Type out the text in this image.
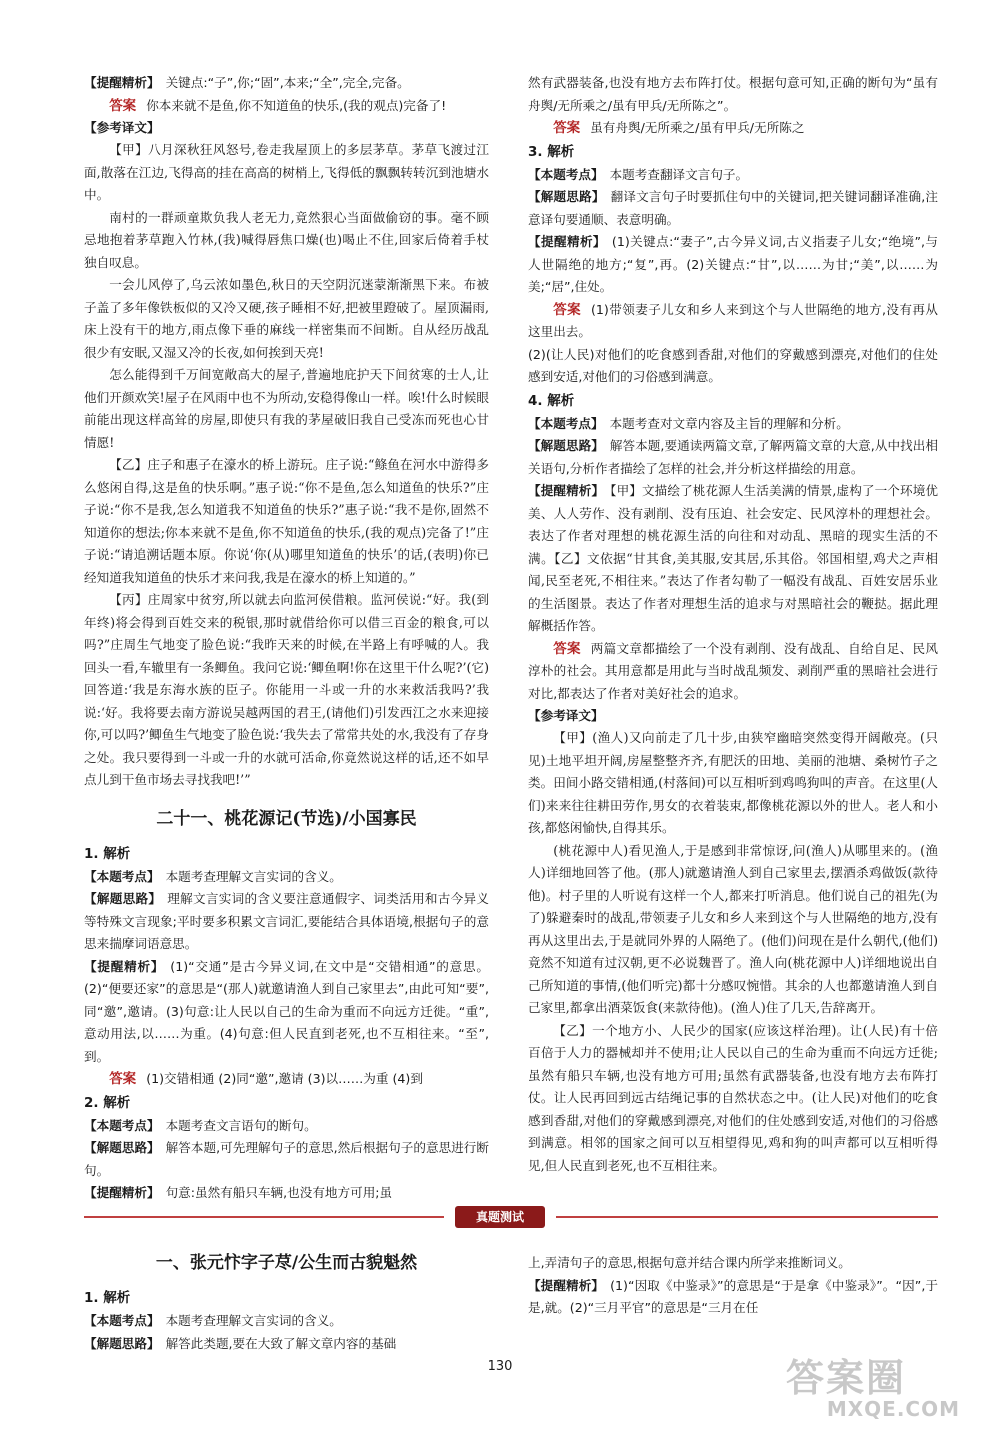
【提醒精析】 关键点:“子”,你;“固”,本来;“全”,完全,完备。

答案 你本来就不是鱼,你不知道鱼的快乐,(我的观点)完备了!

【参考译文】

【甲】八月深秋狂风怒号,卷走我屋顶上的多层茅草。茅草飞渡过江面,散落在江边,飞得高的挂在高高的树梢上,飞得低的飘飘转转沉到池塘水中。

南村的一群顽童欺负我人老无力,竟然狠心当面做偷窃的事。毫不顾忌地抱着茅草跑入竹林,(我)喊得唇焦口燥(也)喝止不住,回家后倚着手杖独自叹息。

一会儿风停了,乌云浓如墨色,秋日的天空阴沉迷蒙渐渐黑下来。布被子盖了多年像铁板似的又冷又硬,孩子睡相不好,把被里蹬破了。屋顶漏雨,床上没有干的地方,雨点像下垂的麻线一样密集而不间断。自从经历战乱很少有安眠,又湿又冷的长夜,如何挨到天亮!

怎么能得到千万间宽敞高大的屋子,普遍地庇护天下间贫寒的士人,让他们开颜欢笑!屋子在风雨中也不为所动,安稳得像山一样。唉!什么时候眼前能出现这样高耸的房屋,即使只有我的茅屋破旧我自己受冻而死也心甘情愿!

【乙】庄子和惠子在濠水的桥上游玩。庄子说:“鲦鱼在河水中游得多么悠闲自得,这是鱼的快乐啊。”惠子说:“你不是鱼,怎么知道鱼的快乐?”庄子说:“你不是我,怎么知道我不知道鱼的快乐?”惠子说:“我不是你,固然不知道你的想法;你本来就不是鱼,你不知道鱼的快乐,(我的观点)完备了!”庄子说:“请追溯话题本原。你说‘你(从)哪里知道鱼的快乐’的话,(表明)你已经知道我知道鱼的快乐才来问我,我是在濠水的桥上知道的。”

【丙】庄周家中贫穷,所以就去向监河侯借粮。监河侯说:“好。我(到年终)将会得到百姓交来的税银,那时就借给你可以借三百金的粮食,可以吗?”庄周生气地变了脸色说:“我昨天来的时候,在半路上有呼喊的人。我回头一看,车辙里有一条鲫鱼。我问它说:‘鲫鱼啊!你在这里干什么呢?’(它)回答道:‘我是东海水族的臣子。你能用一斗或一升的水来救活我吗?’我说:‘好。我将要去南方游说吴越两国的君王,(请他们)引发西江之水来迎接你,可以吗?’鲫鱼生气地变了脸色说:‘我失去了常常共处的水,我没有了存身之处。我只要得到一斗或一升的水就可活命,你竟然说这样的话,还不如早点儿到干鱼市场去寻找我吧!’”

二十一、桃花源记(节选)/小国寡民

1. 解析

【本题考点】 本题考查理解文言实词的含义。

【解题思路】 理解文言实词的含义要注意通假字、词类活用和古今异义等特殊文言现象;平时要多积累文言词汇,要能结合具体语境,根据句子的意思来揣摩词语意思。

【提醒精析】 (1)“交通”是古今异义词,在文中是“交错相通”的意思。(2)“便要还家”的意思是“(那人)就邀请渔人到自己家里去”,由此可知“要”,同“邀”,邀请。(3)句意:让人民以自己的生命为重而不向远方迁徙。“重”,意动用法,以……为重。(4)句意:但人民直到老死,也不互相往来。“至”,到。

答案 (1)交错相通 (2)同“邀”,邀请 (3)以……为重 (4)到

2. 解析

【本题考点】 本题考查文言语句的断句。

【解题思路】 解答本题,可先理解句子的意思,然后根据句子的意思进行断句。

【提醒精析】 句意:虽然有船只车辆,也没有地方可用;虽

然有武器装备,也没有地方去布阵打仗。根据句意可知,正确的断句为“虽有舟舆/无所乘之/虽有甲兵/无所陈之”。

答案 虽有舟舆/无所乘之/虽有甲兵/无所陈之

3. 解析

【本题考点】 本题考查翻译文言句子。

【解题思路】 翻译文言句子时要抓住句中的关键词,把关键词翻译准确,注意译句要通顺、表意明确。

【提醒精析】 (1)关键点:“妻子”,古今异义词,古义指妻子儿女;“绝境”,与人世隔绝的地方;“复”,再。(2)关键点:“甘”,以……为甘;“美”,以……为美;“居”,住处。

答案 (1)带领妻子儿女和乡人来到这个与人世隔绝的地方,没有再从这里出去。

(2)(让人民)对他们的吃食感到香甜,对他们的穿戴感到漂亮,对他们的住处感到安适,对他们的习俗感到满意。

4. 解析

【本题考点】 本题考查对文章内容及主旨的理解和分析。

【解题思路】 解答本题,要通读两篇文章,了解两篇文章的大意,从中找出相关语句,分析作者描绘了怎样的社会,并分析这样描绘的用意。

【提醒精析】 【甲】文描绘了桃花源人生活美满的情景,虚构了一个环境优美、人人劳作、没有剥削、没有压迫、社会安定、民风淳朴的理想社会。表达了作者对理想的桃花源生活的向往和对动乱、黑暗的现实生活的不满。【乙】文依据“甘其食,美其服,安其居,乐其俗。邻国相望,鸡犬之声相闻,民至老死,不相往来。”表达了作者勾勒了一幅没有战乱、百姓安居乐业的生活图景。表达了作者对理想生活的追求与对黑暗社会的鞭挞。据此理解概括作答。

答案 两篇文章都描绘了一个没有剥削、没有战乱、自给自足、民风淳朴的社会。其用意都是用此与当时战乱频发、剥削严重的黑暗社会进行对比,都表达了作者对美好社会的追求。

【参考译文】

【甲】(渔人)又向前走了几十步,由狭窄幽暗突然变得开阔敞亮。(只见)土地平坦开阔,房屋整整齐齐,有肥沃的田地、美丽的池塘、桑树竹子之类。田间小路交错相通,(村落间)可以互相听到鸡鸣狗叫的声音。在这里(人们)来来往往耕田劳作,男女的衣着装束,都像桃花源以外的世人。老人和小孩,都悠闲愉快,自得其乐。

(桃花源中人)看见渔人,于是感到非常惊讶,问(渔人)从哪里来的。(渔人)详细地回答了他。(那人)就邀请渔人到自己家里去,摆酒杀鸡做饭(款待他)。村子里的人听说有这样一个人,都来打听消息。他们说自己的祖先(为了)躲避秦时的战乱,带领妻子儿女和乡人来到这个与人世隔绝的地方,没有再从这里出去,于是就同外界的人隔绝了。(他们)问现在是什么朝代,(他们)竟然不知道有过汉朝,更不必说魏晋了。渔人向(桃花源中人)详细地说出自己所知道的事情,(他们听完)都十分感叹惋惜。其余的人也都邀请渔人到自己家里,都拿出酒菜饭食(来款待他)。(渔人)住了几天,告辞离开。

【乙】一个地方小、人民少的国家(应该这样治理)。让(人民)有十倍百倍于人力的器械却并不使用;让人民以自己的生命为重而不向远方迁徙;虽然有船只车辆,也没有地方可用;虽然有武器装备,也没有地方去布阵打仗。让人民再回到远古结绳记事的自然状态之中。(让人民)对他们的吃食感到香甜,对他们的穿戴感到漂亮,对他们的住处感到安适,对他们的习俗感到满意。相邻的国家之间可以互相望得见,鸡和狗的叫声都可以互相听得见,但人民直到老死,也不互相往来。

真题测试

一、张元忭字子荩/公生而古貌魁然

1. 解析

【本题考点】 本题考查理解文言实词的含义。

【解题思路】 解答此类题,要在大致了解文章内容的基础

上,弄清句子的意思,根据句意并结合课内所学来推断词义。

【提醒精析】 (1)“因取《中鉴录》”的意思是“于是拿《中鉴录》”。“因”,于是,就。(2)“三月平官”的意思是“三月在任

130	答案圈
MXQE.COM
